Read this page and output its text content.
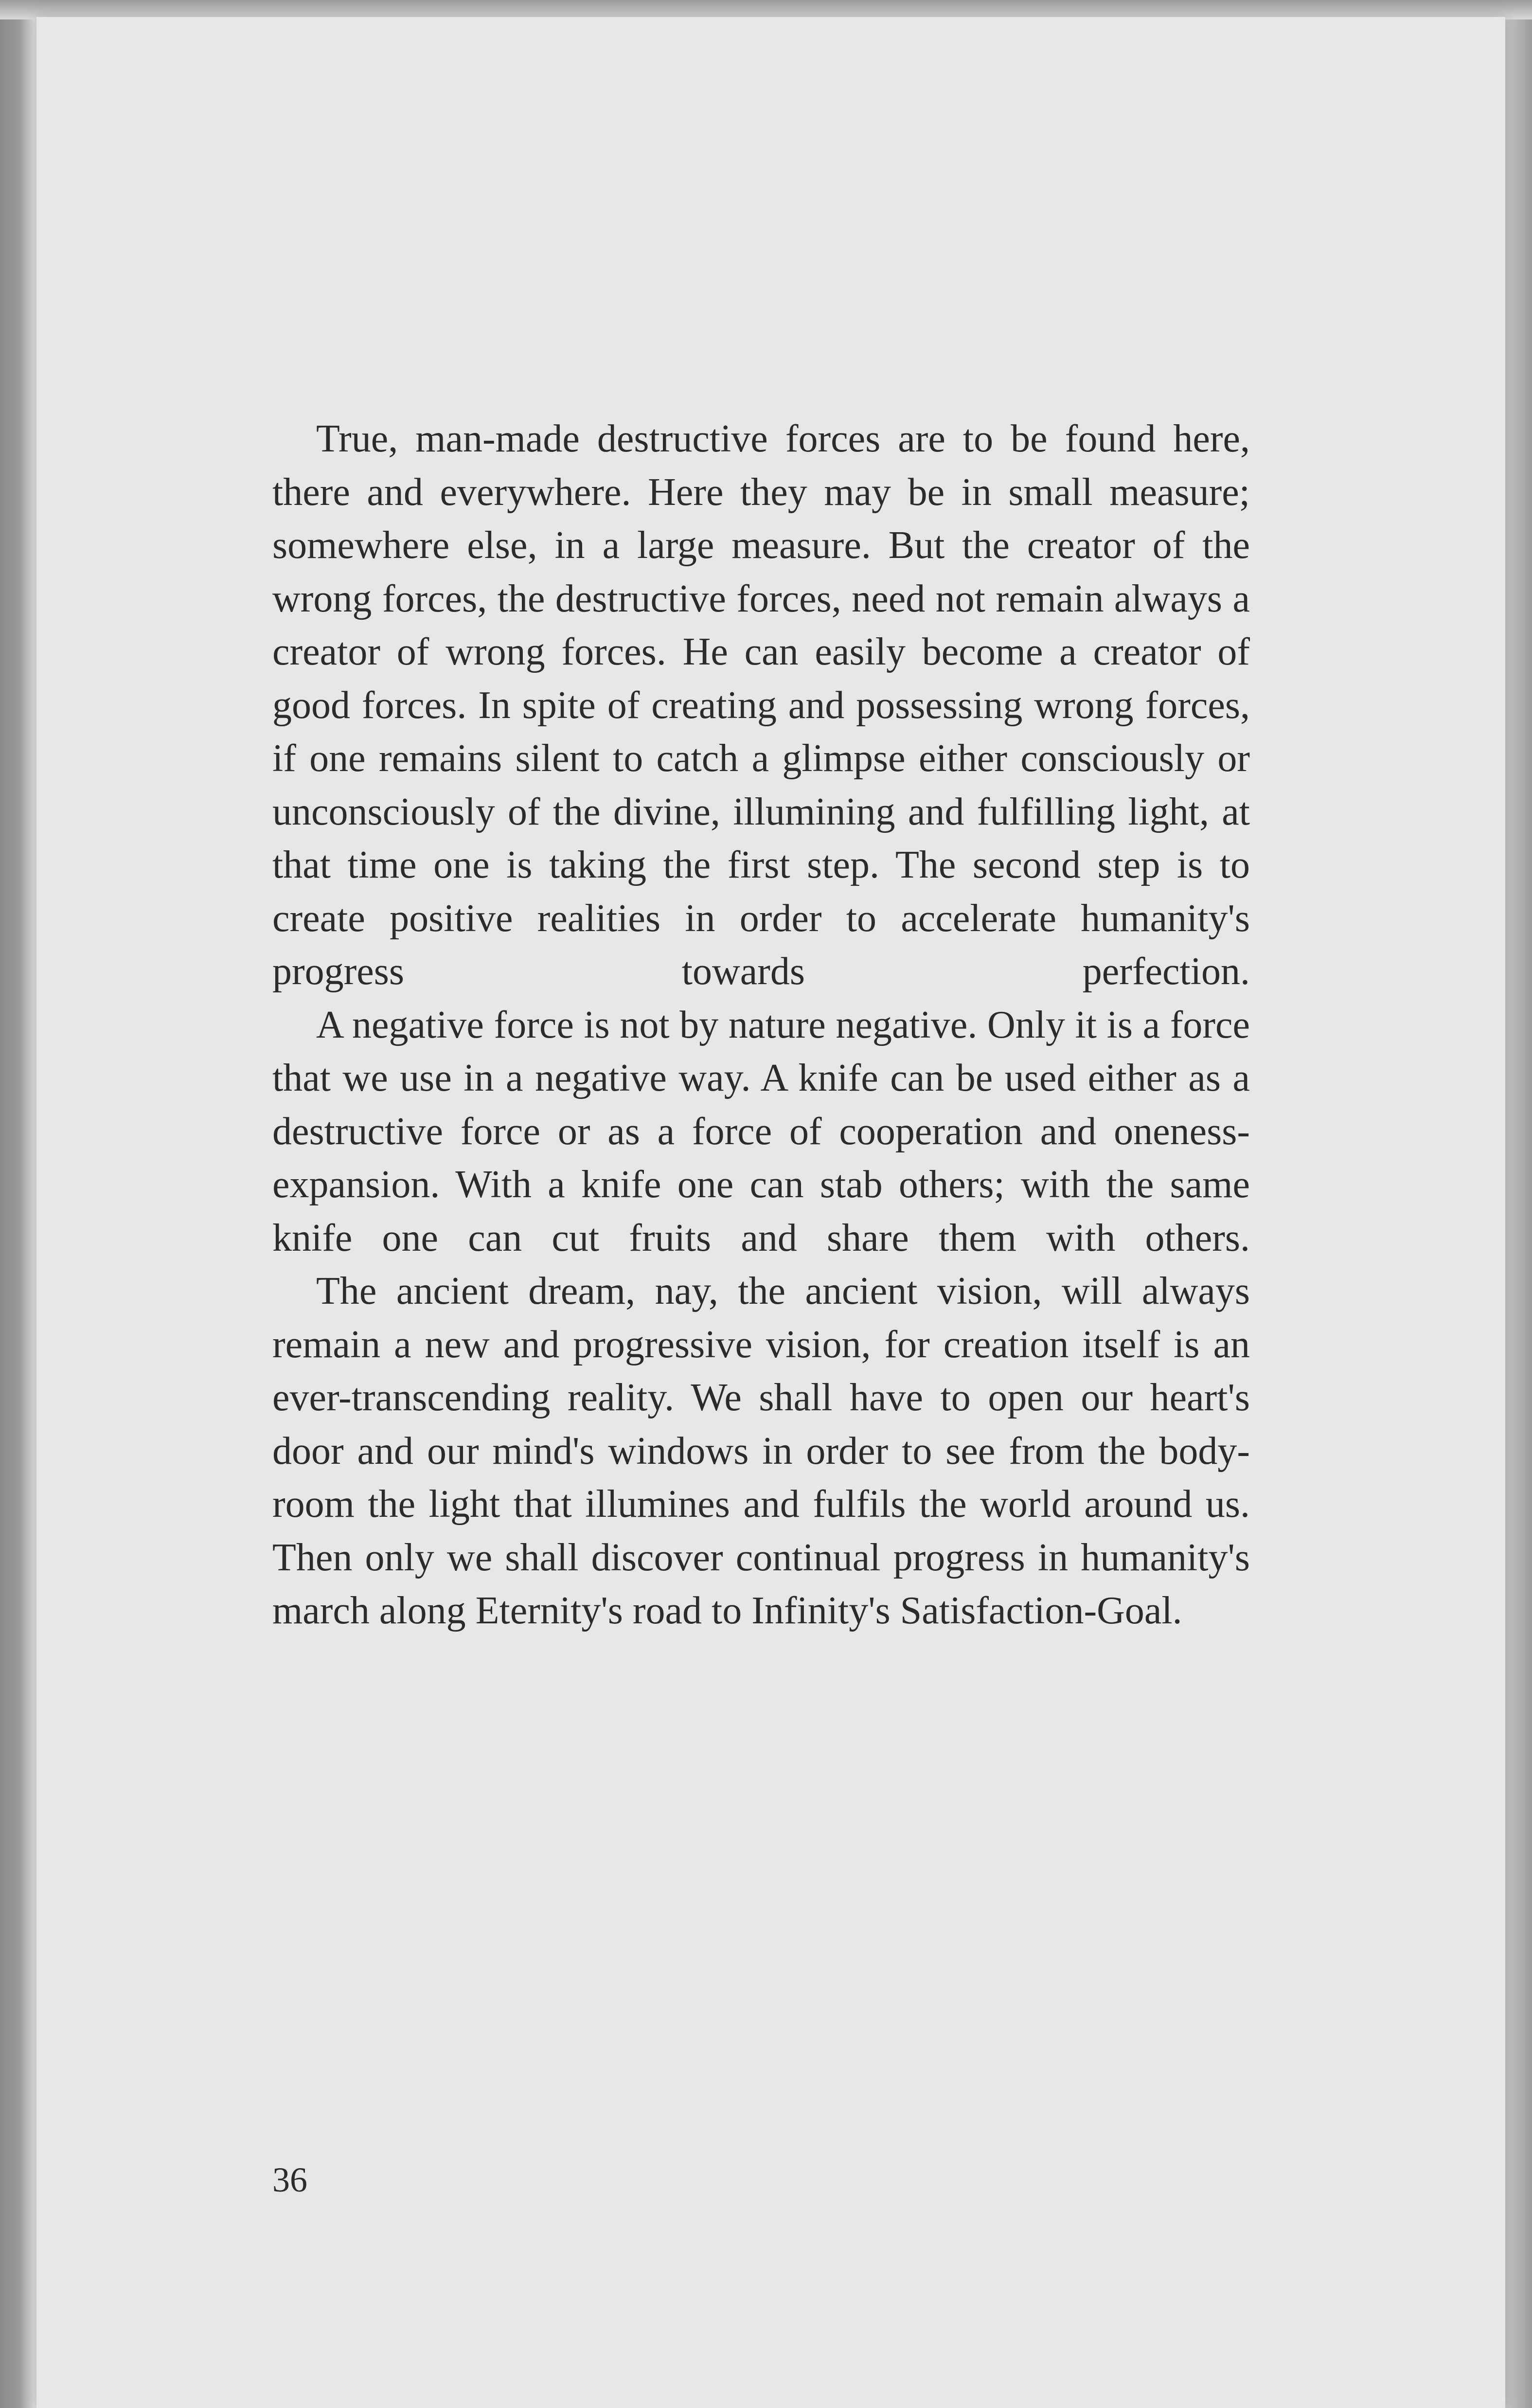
True, man-made destructive forces are to be found here, there and everywhere. Here they may be in small measure; somewhere else, in a large measure. But the creator of the wrong forces, the destructive forces, need not remain always a creator of wrong forces. He can easily become a creator of good forces. In spite of creating and possessing wrong forces, if one remains silent to catch a glimpse either consciously or unconsciously of the divine, illumining and fulfilling light, at that time one is taking the first step. The second step is to create positive realities in order to accelerate humanity's progress towards perfection.

A negative force is not by nature negative. Only it is a force that we use in a negative way. A knife can be used either as a destructive force or as a force of cooperation and oneness-expansion. With a knife one can stab others; with the same knife one can cut fruits and share them with others.

The ancient dream, nay, the ancient vision, will always remain a new and progressive vision, for creation itself is an ever-transcending reality. We shall have to open our heart's door and our mind's windows in order to see from the body-room the light that illumines and fulfils the world around us. Then only we shall discover continual progress in humanity's march along Eternity's road to Infinity's Satisfaction-Goal.

36
